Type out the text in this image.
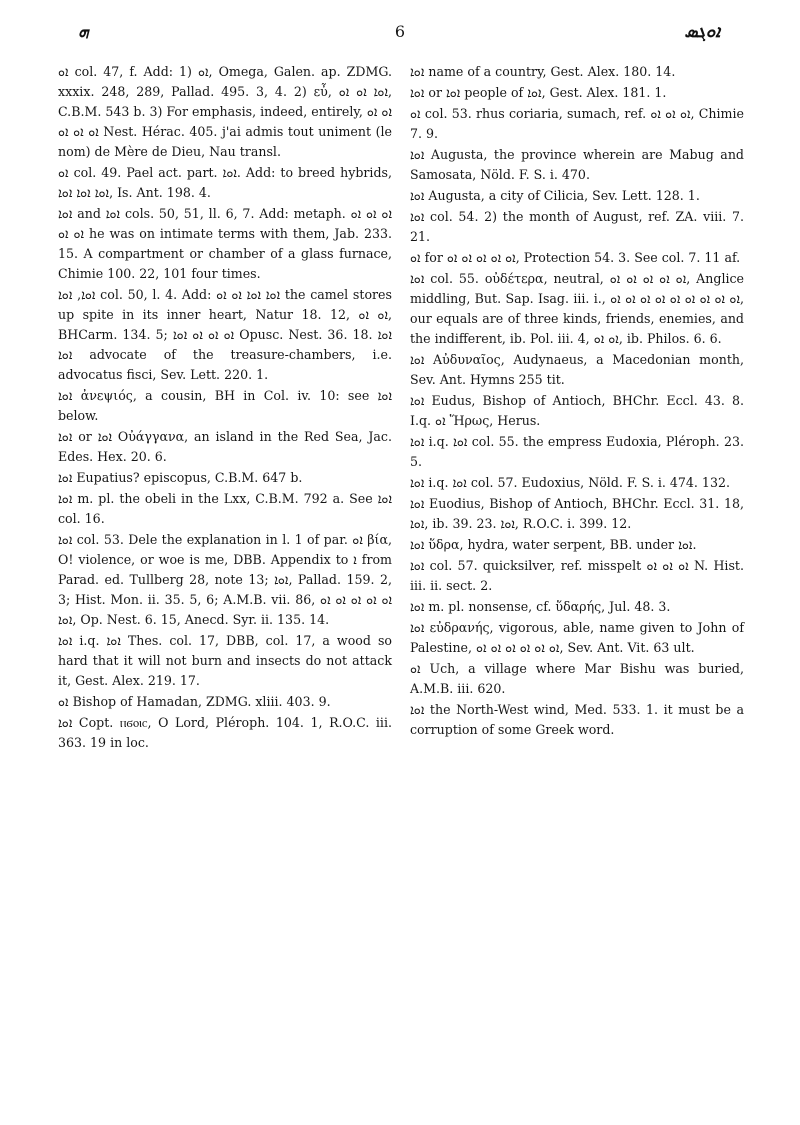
ܗ	6	ܐܘܓܣ

ܐܘ col. 47, f. Add: 1) ܐܘ, Omega, Galen. ap. ZDMG. xxxix. 248, 289, Pallad. 495. 3, 4. 2) εὖ, ܐܘܐ ܐܘ ܐܘ, C.B.M. 543 b. 3) For emphasis, indeed, entirely, ܐܘ ܐܘ ܐܘ ܐܘ ܐܘ Nest. Hérac. 405. j'ai admis tout uniment (le nom) de Mère de Dieu, Nau transl.

ܐܘ col. 49. Pael act. part. ܐܘܐ. Add: to breed hybrids, ܐܘܐ ܐܘܐ ܐܘܐ, Is. Ant. 198. 4.

ܐܘܐ and ܐܘܐ cols. 50, 51, ll. 6, 7. Add: metaph. ܐܘ ܐܘ ܐܘ ܐܘ ܐܘ he was on intimate terms with them, Jab. 233. 15. A compartment or chamber of a glass furnace, Chimie 100. 22, 101 four times.

ܐܘܐ, ܐܘܐ col. 50, l. 4. Add: ܐܘܐ ܐܘܐ ܐܘ ܐܘ the camel stores up spite in its inner heart, Natur 18. 12, ܐܘ ܐܘ, BHCarm. 134. 5; ܐܘ ܐܘ ܐܘ ܐܘܐ Opusc. Nest. 36. 18. ܐܘܐ ܐܘܐ advocate of the treasure-chambers, i.e. advocatus fisci, Sev. Lett. 220. 1.

ܐܘܐ ἀνεψιός, a cousin, BH in Col. iv. 10: see ܐܘܐ below.

ܐܘܐ or ܐܘܐ Οὐάγγανα, an island in the Red Sea, Jac. Edes. Hex. 20. 6.

ܐܘܐ Eupatius? episcopus, C.B.M. 647 b.

ܐܘܐ m. pl. the obeli in the Lxx, C.B.M. 792 a. See ܐܘܐ col. 16.

ܐܘܐ col. 53. Dele the explanation in l. 1 of par. ܐܘ βία, O! violence, or woe is me, DBB. Appendix to ܐ from Parad. ed. Tullberg 28, note 13; ܐܘܐ, Pallad. 159. 2, 3; Hist. Mon. ii. 35. 5, 6; A.M.B. vii. 86, ܐܘ ܐܘ ܐܘ ܐܘ ܐܘ ܐܘܐ, Op. Nest. 6. 15, Anecd. Syr. ii. 135. 14.

ܐܘܐ i.q. ܐܘܐ Thes. col. 17, DBB, col. 17, a wood so hard that it will not burn and insects do not attack it, Gest. Alex. 219. 17.

ܐܘ Bishop of Hamadan, ZDMG. xliii. 403. 9.

ܐܘܐ Copt. ⲡϭⲟⲓⲥ, O Lord, Pléroph. 104. 1, R.O.C. iii. 363. 19 in loc.

ܐܘܐ name of a country, Gest. Alex. 180. 14.

ܐܘܐ or ܐܘܐ people of ܐܘܐ, Gest. Alex. 181. 1.

ܐܘ col. 53. rhus coriaria, sumach, ref. ܐܘ ܐܘ ܐܘ, Chimie 7. 9.

ܐܘܐ Augusta, the province wherein are Mabug and Samosata, Nöld. F. S. i. 470.

ܐܘܐ Augusta, a city of Cilicia, Sev. Lett. 128. 1.

ܐܘܐ col. 54. 2) the month of August, ref. ZA. viii. 7. 21.

ܐܘ for ܐܘ ܐܘ ܐܘ ܐܘ ܐܘ, Protection 54. 3. See col. 7. 11 af.

ܐܘܐ col. 55. οὐδέτερα, neutral, ܐܘ ܐܘ ܐܘ ܐܘ ܐܘ, Anglice middling, But. Sap. Isag. iii. i., ܐܘ ܐܘ ܐܘ ܐܘ ܐܘ ܐܘ ܐܘ ܐܘ ܐܘ, our equals are of three kinds, friends, enemies, and the indifferent, ib. Pol. iii. 4, ܐܘ ܐܘ, ib. Philos. 6. 6.

ܐܘܐ Αὐδυναῖος, Audynaeus, a Macedonian month, Sev. Ant. Hymns 255 tit.

ܐܘܐ Eudus, Bishop of Antioch, BHChr. Eccl. 43. 8. I.q. ܐܘ Ἥρως, Herus.

ܐܘܐ i.q. ܐܘܐ col. 55. the empress Eudoxia, Pléroph. 23. 5.

ܐܘܐ i.q. ܐܘܐ col. 57. Eudoxius, Nöld. F. S. i. 474. 132.

ܐܘܐ Euodius, Bishop of Antioch, BHChr. Eccl. 31. 18, ܐܘܐ, ib. 39. 23. ܐܘܐ, R.O.C. i. 399. 12.

ܐܘܐ ὕδρα, hydra, water serpent, BB. under ܐܘܐ.

ܐܘܐ col. 57. quicksilver, ref. misspelt ܐܘ ܐܘ ܐܘ N. Hist. iii. ii. sect. 2.

ܐܘܐ m. pl. nonsense, cf. ὕδαρής, Jul. 48. 3.

ܐܘܐ εὐδρανής, vigorous, able, name given to John of Palestine, ܐܘ ܐܘ ܐܘ ܐܘ ܐܘ ܐܘ, Sev. Ant. Vit. 63 ult.

ܐܘ Uch, a village where Mar Bishu was buried, A.M.B. iii. 620.

ܐܘܐ the North-West wind, Med. 533. 1. it must be a corruption of some Greek word.
